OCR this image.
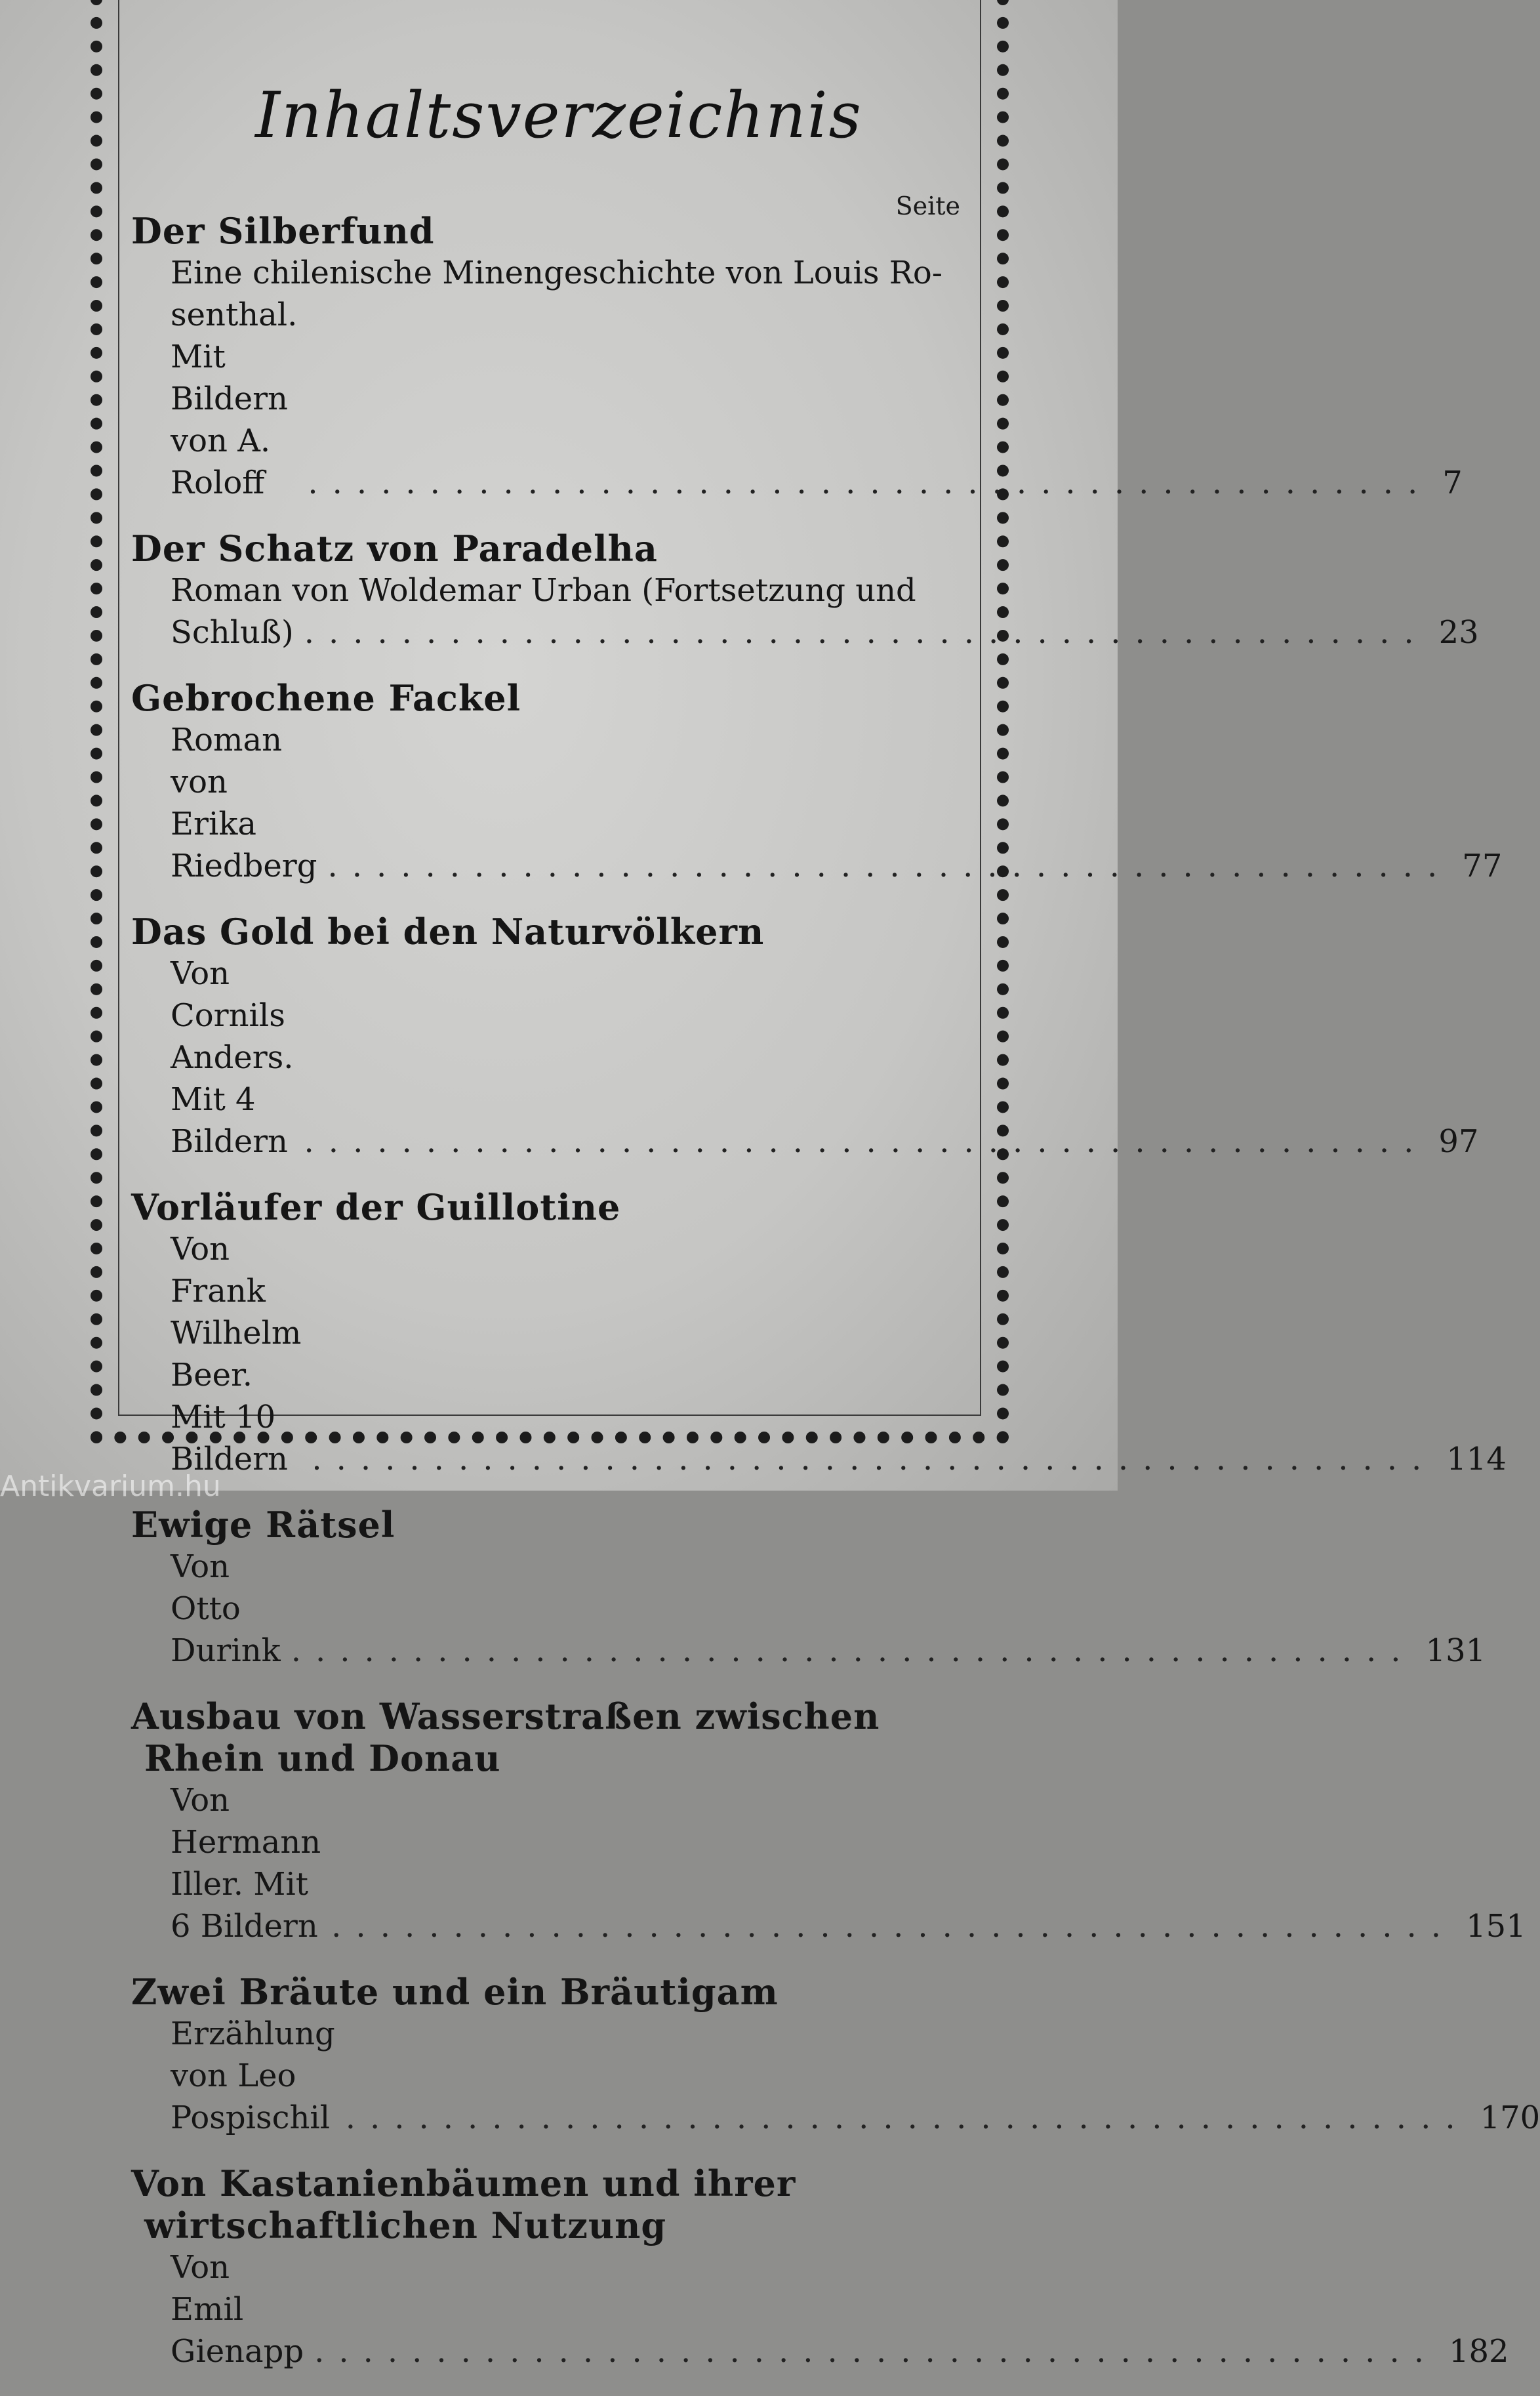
Inhaltsverzeichnis
Seite
Der Silberfund
Eine chilenische Minengeschichte von Louis Ro-
senthal. Mit Bildern von A. Roloff	.............................................. 7
Der Schatz von Paradelha
Roman von Woldemar Urban (Fortsetzung und
Schluß) .............................................. 23
Gebrochene Fackel
Roman von Erika Riedberg .............................................. 77
Das Gold bei den Naturvölkern
Von Cornils Anders. Mit 4 Bildern .............................................. 97
Vorläufer der Guillotine
Von Frank Wilhelm Beer. Mit 10 Bildern .............................................. 114
Ewige Rätsel
Von Otto Durink .............................................. 131
Ausbau von Wasserstraßen zwischen Rhein und Donau
Von Hermann Iller. Mit 6 Bildern .............................................. 151
Zwei Bräute und ein Bräutigam
Erzählung von Leo Pospischil .............................................. 170
Von Kastanienbäumen und ihrer wirtschaftlichen Nutzung
Von Emil Gienapp .............................................. 182
Antikvarium.hu
